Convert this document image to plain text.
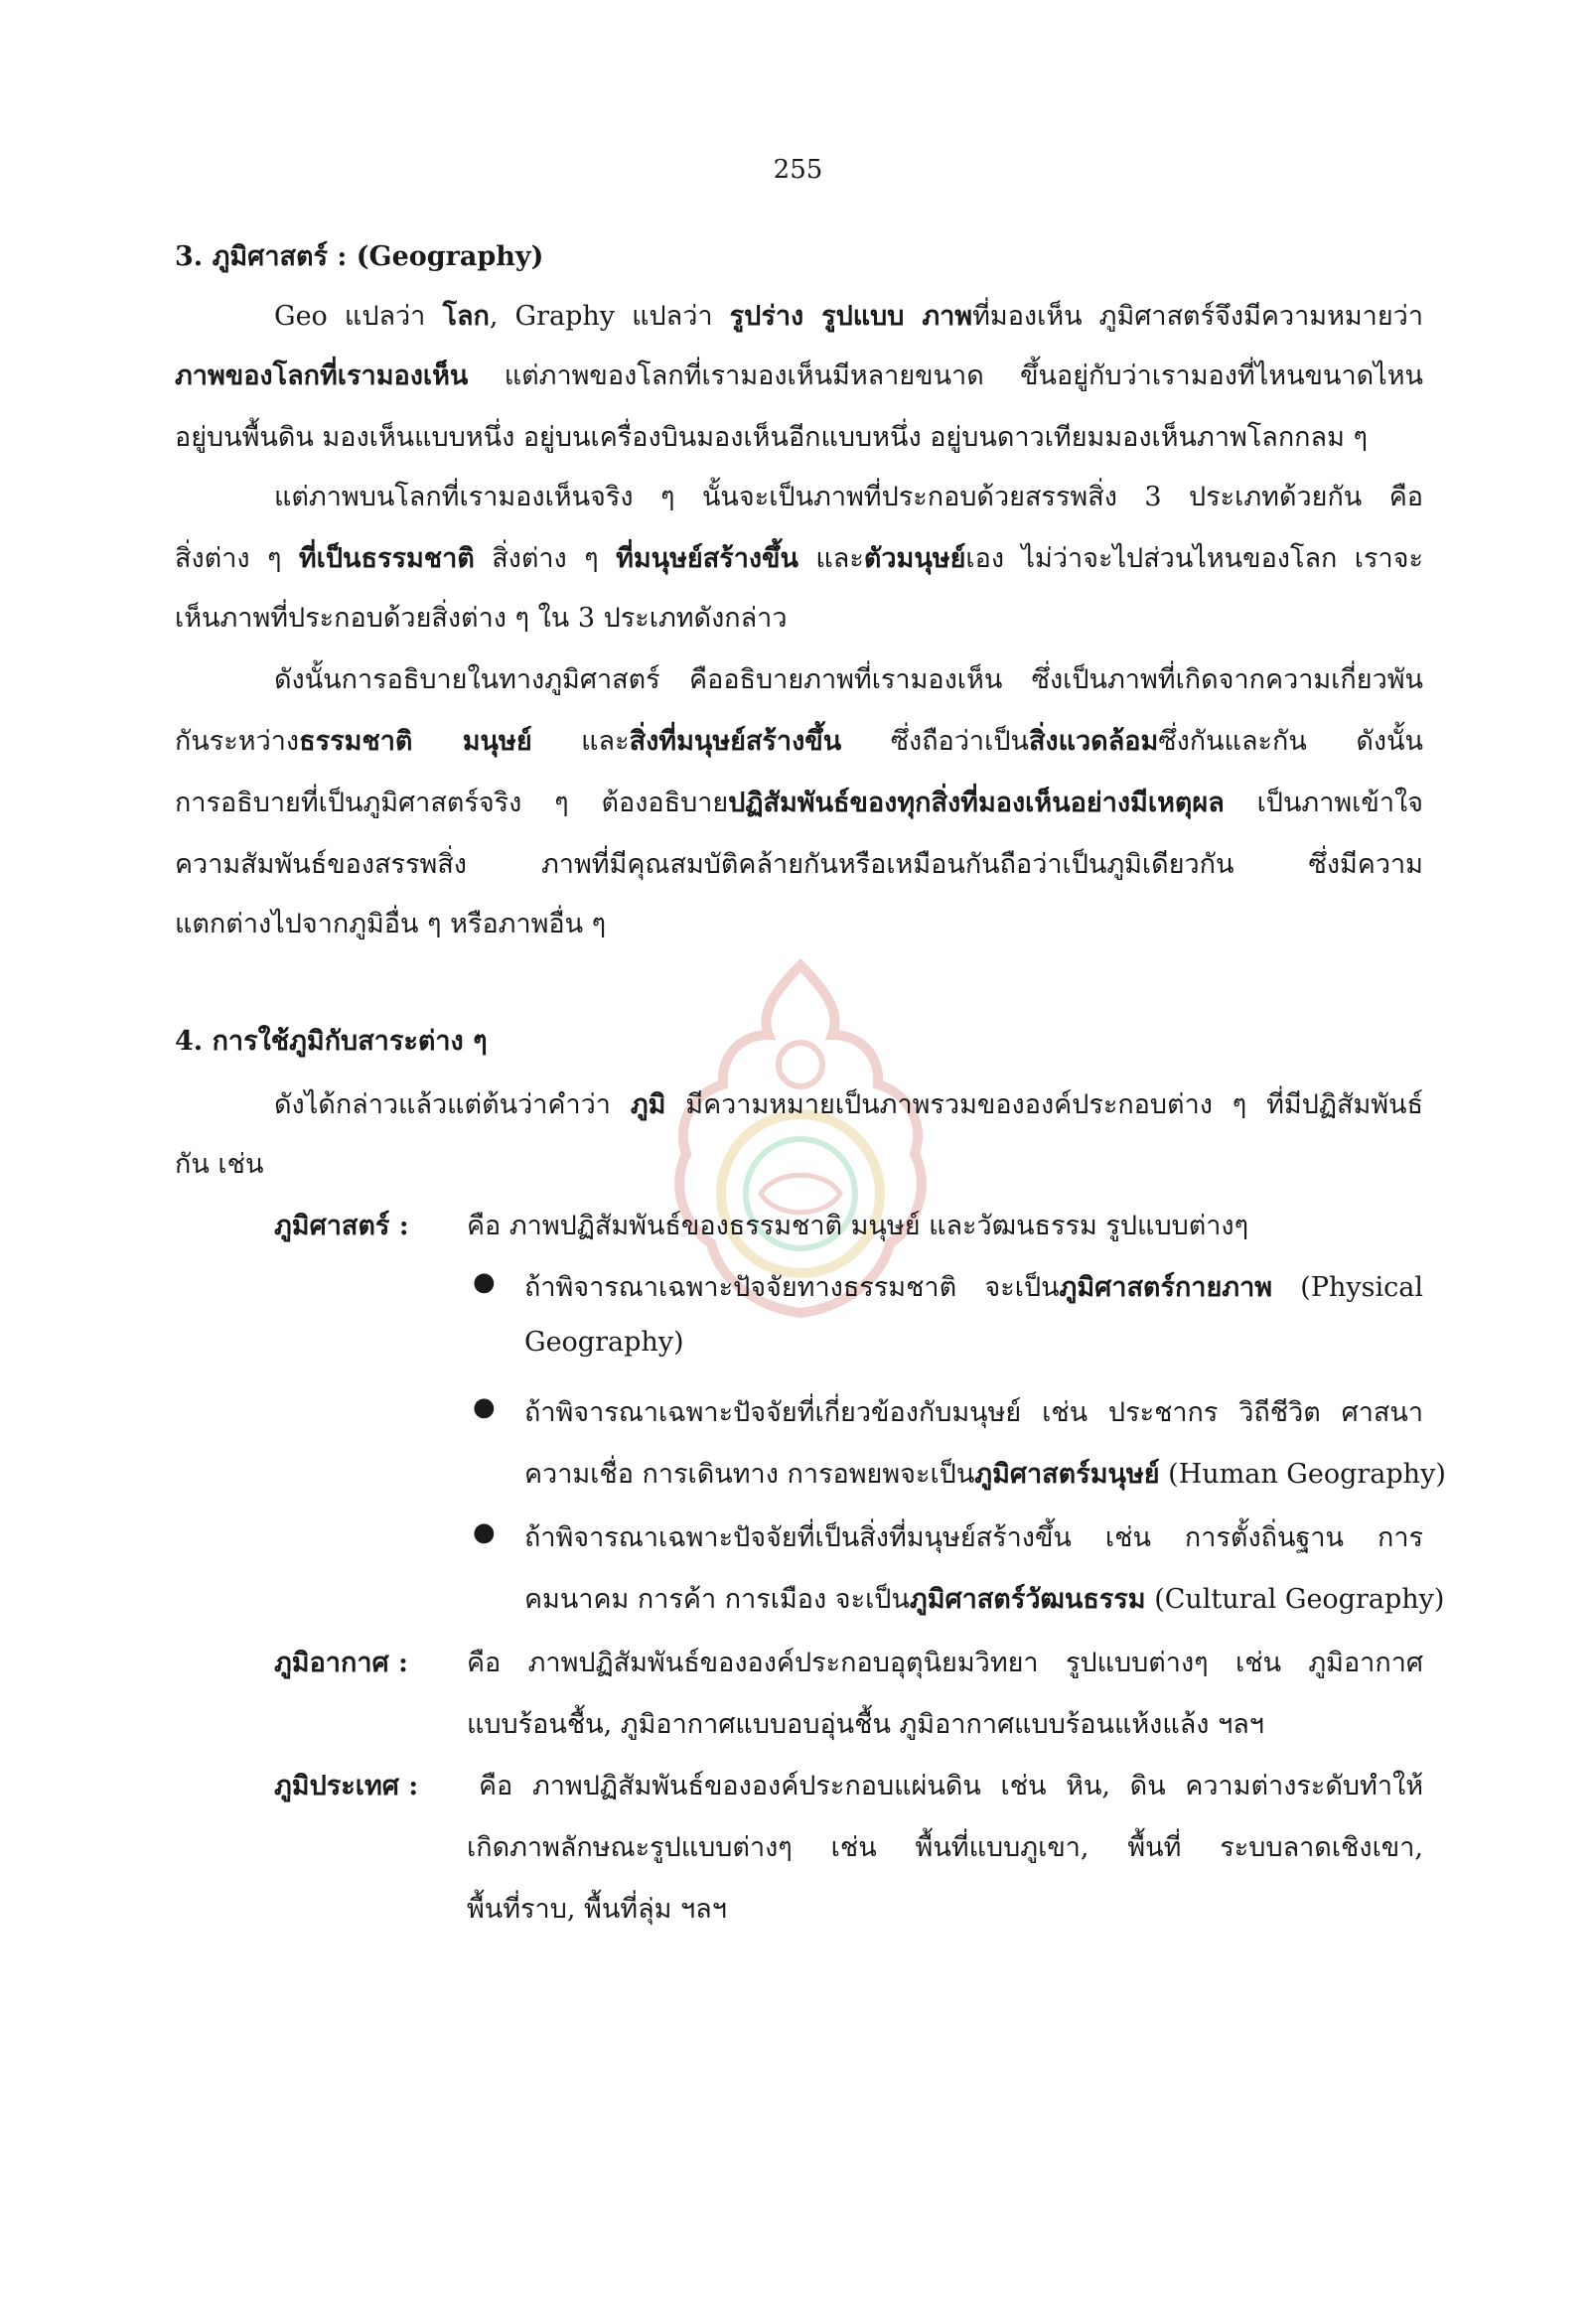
255
3. ภูมิศาสตร์ : (Geography)
Geo แปลว่า โลก, Graphy แปลว่า รูปร่าง รูปแบบ ภาพที่มองเห็น ภูมิศาสตร์จึงมีความหมายว่า
ภาพของโลกที่เรามองเห็น แต่ภาพของโลกที่เรามองเห็นมีหลายขนาด ขึ้นอยู่กับว่าเรามองที่ไหนขนาดไหน
อยู่บนพื้นดิน มองเห็นแบบหนึ่ง อยู่บนเครื่องบินมองเห็นอีกแบบหนึ่ง อยู่บนดาวเทียมมองเห็นภาพโลกกลม ๆ
แต่ภาพบนโลกที่เรามองเห็นจริง ๆ นั้นจะเป็นภาพที่ประกอบด้วยสรรพสิ่ง 3 ประเภทด้วยกัน คือ
สิ่งต่าง ๆ ที่เป็นธรรมชาติ สิ่งต่าง ๆ ที่มนุษย์สร้างขึ้น และตัวมนุษย์เอง ไม่ว่าจะไปส่วนไหนของโลก เราจะ
เห็นภาพที่ประกอบด้วยสิ่งต่าง ๆ ใน 3 ประเภทดังกล่าว
ดังนั้นการอธิบายในทางภูมิศาสตร์ คืออธิบายภาพที่เรามองเห็น ซึ่งเป็นภาพที่เกิดจากความเกี่ยวพัน
กันระหว่างธรรมชาติ มนุษย์ และสิ่งที่มนุษย์สร้างขึ้น ซึ่งถือว่าเป็นสิ่งแวดล้อมซึ่งกันและกัน ดังนั้น
การอธิบายที่เป็นภูมิศาสตร์จริง ๆ ต้องอธิบายปฏิสัมพันธ์ของทุกสิ่งที่มองเห็นอย่างมีเหตุผล เป็นภาพเข้าใจ
ความสัมพันธ์ของสรรพสิ่ง ภาพที่มีคุณสมบัติคล้ายกันหรือเหมือนกันถือว่าเป็นภูมิเดียวกัน ซึ่งมีความ
แตกต่างไปจากภูมิอื่น ๆ หรือภาพอื่น ๆ
4. การใช้ภูมิกับสาระต่าง ๆ
ดังได้กล่าวแล้วแต่ต้นว่าคำว่า ภูมิ มีความหมายเป็นภาพรวมขององค์ประกอบต่าง ๆ ที่มีปฏิสัมพันธ์
กัน เช่น
ภูมิศาสตร์ : คือ ภาพปฏิสัมพันธ์ของธรรมชาติ มนุษย์ และวัฒนธรรม รูปแบบต่างๆ
● ถ้าพิจารณาเฉพาะปัจจัยทางธรรมชาติ จะเป็นภูมิศาสตร์กายภาพ (Physical
Geography)
● ถ้าพิจารณาเฉพาะปัจจัยที่เกี่ยวข้องกับมนุษย์ เช่น ประชากร วิถีชีวิต ศาสนา
ความเชื่อ การเดินทาง การอพยพจะเป็นภูมิศาสตร์มนุษย์ (Human Geography)
● ถ้าพิจารณาเฉพาะปัจจัยที่เป็นสิ่งที่มนุษย์สร้างขึ้น เช่น การตั้งถิ่นฐาน การ
คมนาคม การค้า การเมือง จะเป็นภูมิศาสตร์วัฒนธรรม (Cultural Geography)
ภูมิอากาศ : คือ ภาพปฏิสัมพันธ์ขององค์ประกอบอุตุนิยมวิทยา รูปแบบต่างๆ เช่น ภูมิอากาศ
แบบร้อนชื้น, ภูมิอากาศแบบอบอุ่นชื้น ภูมิอากาศแบบร้อนแห้งแล้ง ฯลฯ
ภูมิประเทศ : คือ ภาพปฏิสัมพันธ์ขององค์ประกอบแผ่นดิน เช่น หิน, ดิน ความต่างระดับทำให้
เกิดภาพลักษณะรูปแบบต่างๆ เช่น พื้นที่แบบภูเขา, พื้นที่ ระบบลาดเชิงเขา,
พื้นที่ราบ, พื้นที่ลุ่ม ฯลฯ
